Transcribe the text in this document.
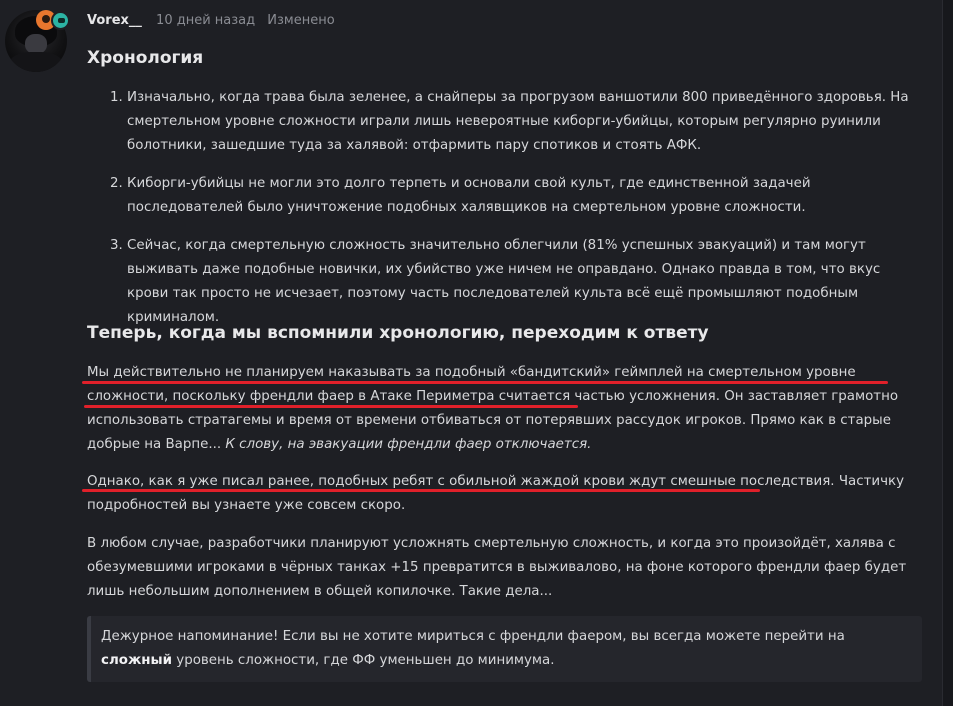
Vorex__ 10 дней назад Изменено
Хронология
1. Изначально, когда трава была зеленее, а снайперы за прогрузом ваншотили 800 приведённого здоровья. На смертельном уровне сложности играли лишь невероятные киборги-убийцы, которым регулярно руинили болотники, зашедшие туда за халявой: отфармить пару спотиков и стоять АФК.
2. Киборги-убийцы не могли это долго терпеть и основали свой культ, где единственной задачей последователей было уничтожение подобных халявщиков на смертельном уровне сложности.
3. Сейчас, когда смертельную сложность значительно облегчили (81% успешных эвакуаций) и там могут выживать даже подобные новички, их убийство уже ничем не оправдано. Однако правда в том, что вкус крови так просто не исчезает, поэтому часть последователей культа всё ещё промышляют подобным криминалом.
Теперь, когда мы вспомнили хронологию, переходим к ответу

Мы действительно не планируем наказывать за подобный «бандитский» геймплей на смертельном уровне сложности, поскольку френдли фаер в Атаке Периметра считается частью усложнения. Он заставляет грамотно использовать стратагемы и время от времени отбиваться от потерявших рассудок игроков. Прямо как в старые добрые на Варпе... К слову, на эвакуации френдли фаер отключается.

Однако, как я уже писал ранее, подобных ребят с обильной жаждой крови ждут смешные последствия. Частичку подробностей вы узнаете уже совсем скоро.

В любом случае, разработчики планируют усложнять смертельную сложность, и когда это произойдёт, халява с обезумевшими игроками в чёрных танках +15 превратится в выживалово, на фоне которого френдли фаер будет лишь небольшим дополнением в общей копилочке. Такие дела...

Дежурное напоминание! Если вы не хотите мириться с френдли фаером, вы всегда можете перейти на сложный уровень сложности, где ФФ уменьшен до минимума.
